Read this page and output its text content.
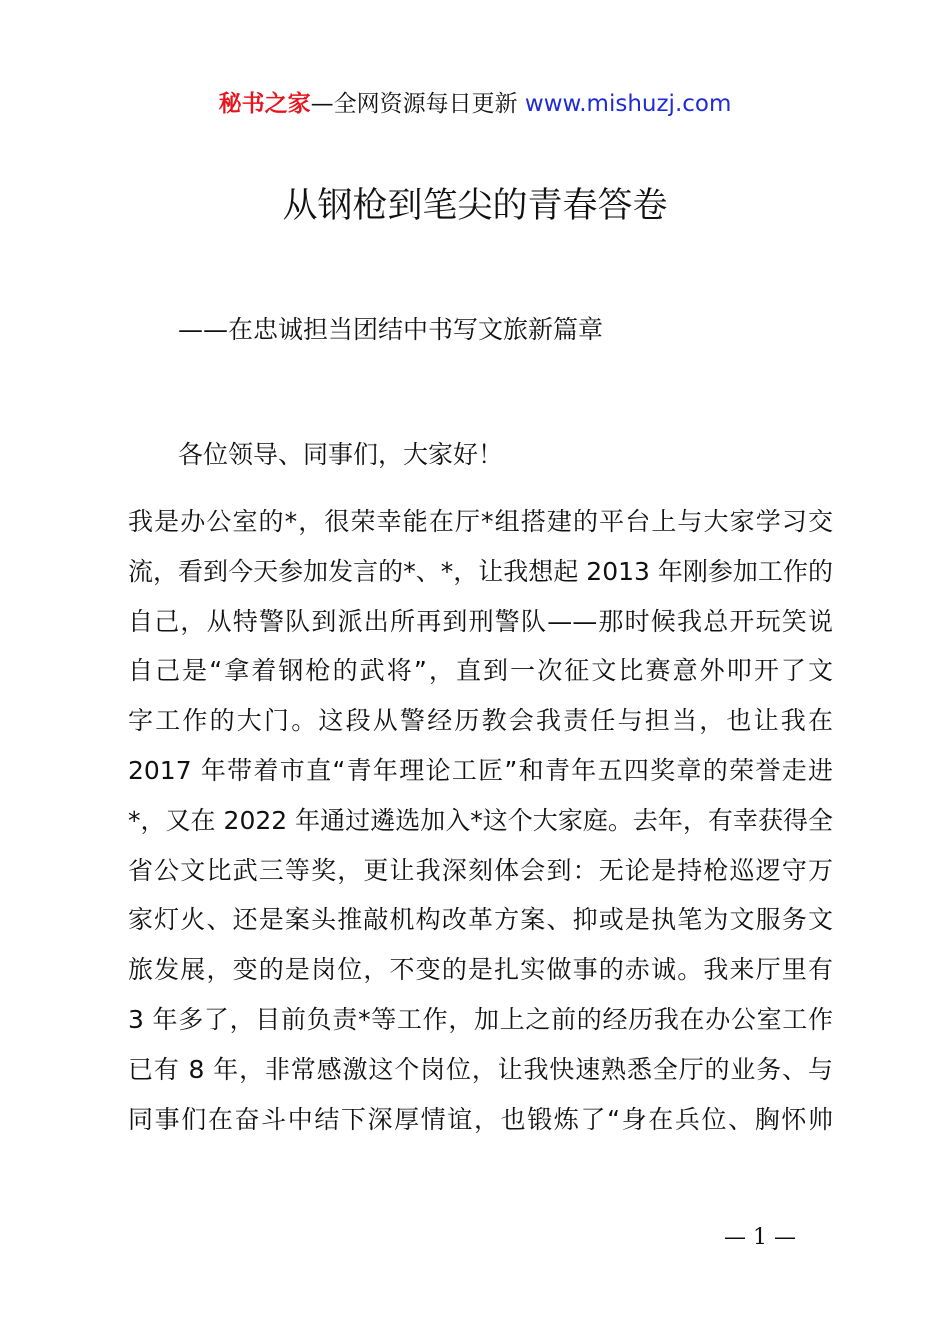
秘书之家—全网资源每日更新 www.mishuzj.com
从钢枪到笔尖的青春答卷
——在忠诚担当团结中书写文旅新篇章
各位领导、同事们，大家好！
我是办公室的*，很荣幸能在厅*组搭建的平台上与大家学习交
流，看到今天参加发言的*、*，让我想起 2013 年刚参加工作的
自己，从特警队到派出所再到刑警队——那时候我总开玩笑说
自己是“拿着钢枪的武将”，直到一次征文比赛意外叩开了文
字工作的大门。这段从警经历教会我责任与担当，也让我在
2017 年带着市直“青年理论工匠”和青年五四奖章的荣誉走进
*，又在 2022 年通过遴选加入*这个大家庭。去年，有幸获得全
省公文比武三等奖，更让我深刻体会到：无论是持枪巡逻守万
家灯火、还是案头推敲机构改革方案、抑或是执笔为文服务文
旅发展，变的是岗位，不变的是扎实做事的赤诚。我来厅里有
3 年多了，目前负责*等工作，加上之前的经历我在办公室工作
已有 8 年，非常感激这个岗位，让我快速熟悉全厅的业务、与
同事们在奋斗中结下深厚情谊，也锻炼了“身在兵位、胸怀帅
— 1 —
